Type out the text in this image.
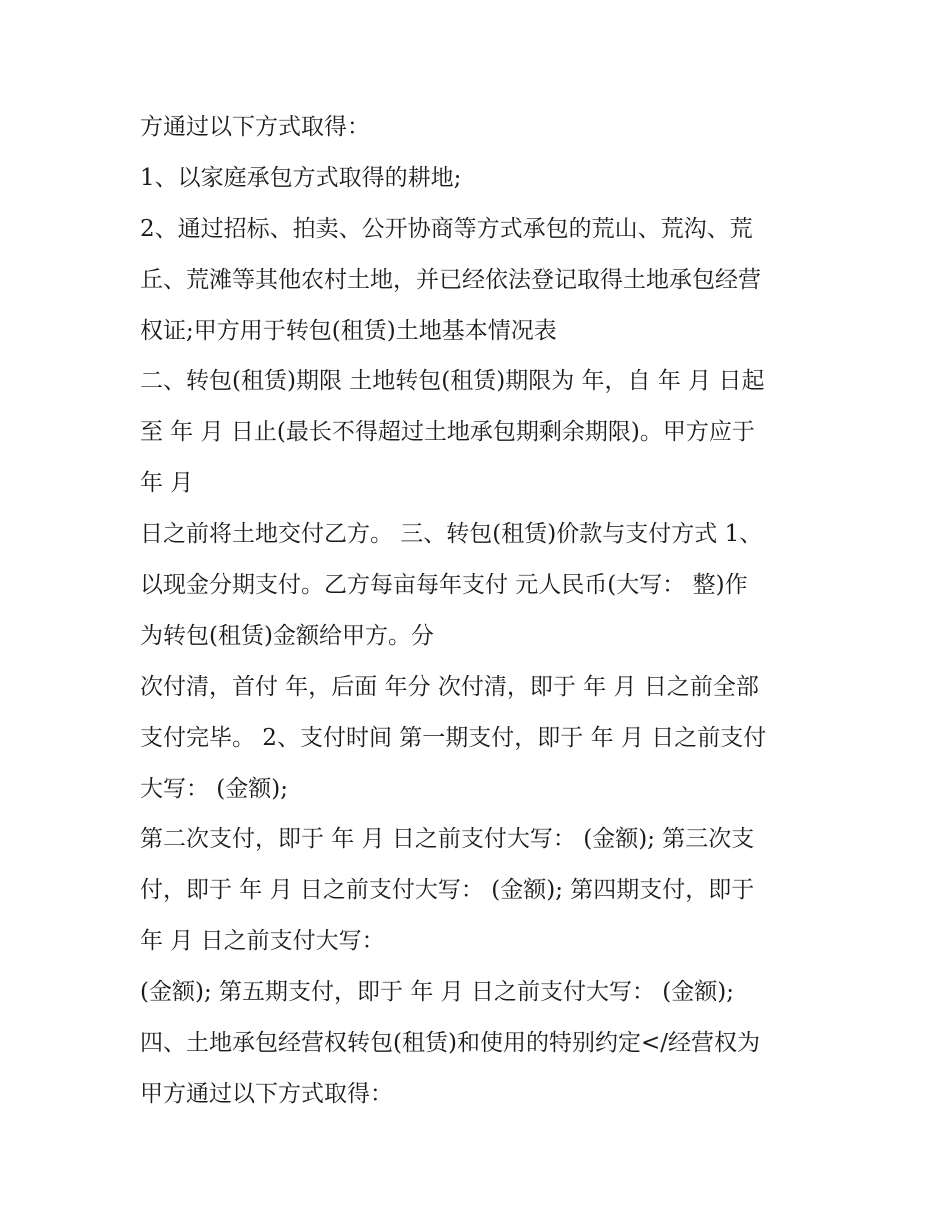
方通过以下方式取得：
1、以家庭承包方式取得的耕地;
2、通过招标、拍卖、公开协商等方式承包的荒山、荒沟、荒
丘、荒滩等其他农村土地，并已经依法登记取得土地承包经营
权证;甲方用于转包(租赁)土地基本情况表
二、转包(租赁)期限 土地转包(租赁)期限为 年，自 年 月 日起
至 年 月 日止(最长不得超过土地承包期剩余期限)。甲方应于
年 月
日之前将土地交付乙方。 三、转包(租赁)价款与支付方式 1、
以现金分期支付。乙方每亩每年支付 元人民币(大写： 整)作
为转包(租赁)金额给甲方。分
次付清，首付 年，后面 年分 次付清，即于 年 月 日之前全部
支付完毕。 2、支付时间 第一期支付，即于 年 月 日之前支付
大写： (金额);
第二次支付，即于 年 月 日之前支付大写： (金额); 第三次支
付，即于 年 月 日之前支付大写： (金额); 第四期支付，即于
年 月 日之前支付大写：
(金额); 第五期支付，即于 年 月 日之前支付大写： (金额);
四、土地承包经营权转包(租赁)和使用的特别约定</经营权为
甲方通过以下方式取得：
